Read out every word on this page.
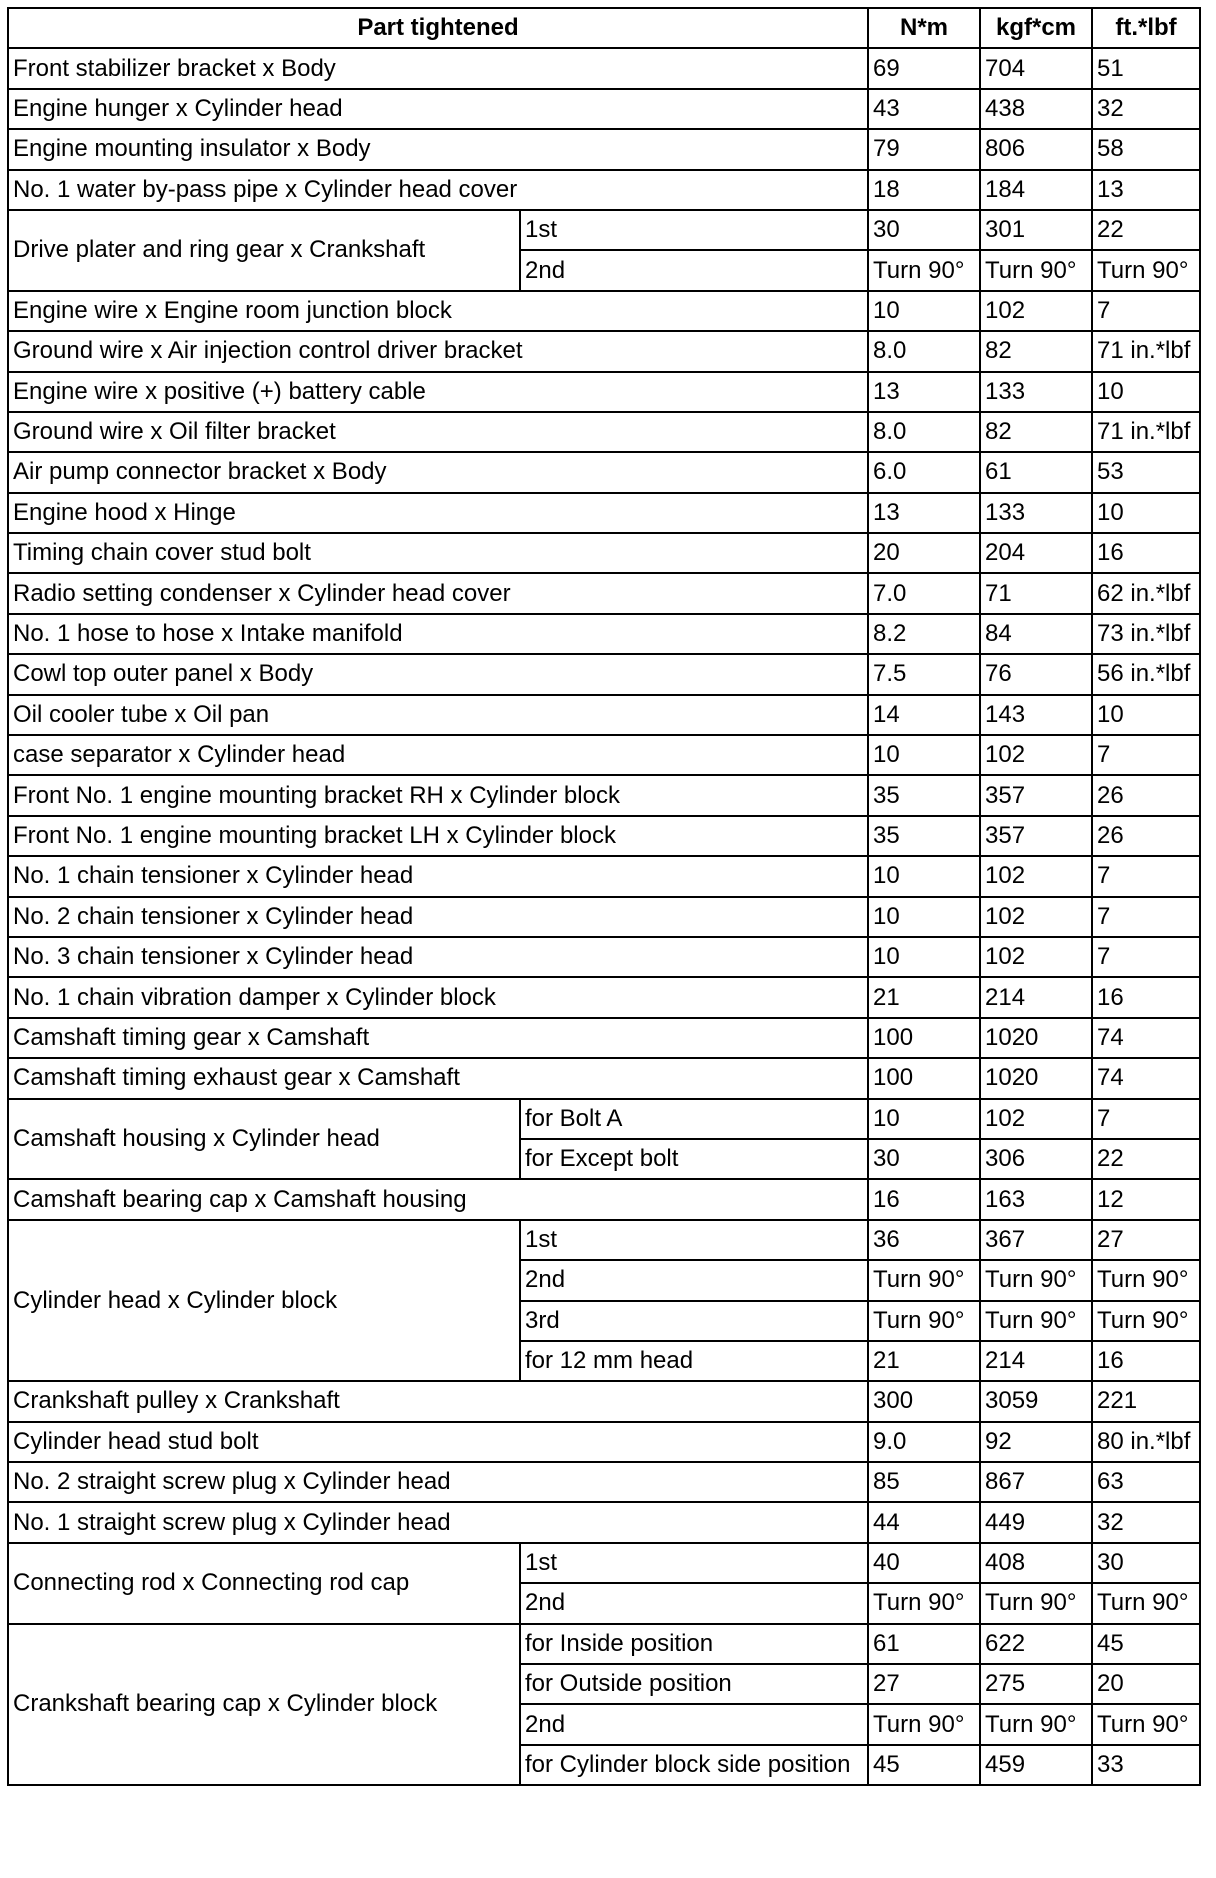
Part tightened		N*m	kgf*cm	ft.*lbf
Front stabilizer bracket x Body		69	704	51
Engine hunger x Cylinder head		43	438	32
Engine mounting insulator x Body		79	806	58
No. 1 water by-pass pipe x Cylinder head cover		18	184	13
Drive plater and ring gear x Crankshaft	1st	30	301	22
	2nd	Turn 90°	Turn 90°	Turn 90°
Engine wire x Engine room junction block		10	102	7
Ground wire x Air injection control driver bracket		8.0	82	71 in.*lbf
Engine wire x positive (+) battery cable		13	133	10
Ground wire x Oil filter bracket		8.0	82	71 in.*lbf
Air pump connector bracket x Body		6.0	61	53
Engine hood x Hinge		13	133	10
Timing chain cover stud bolt		20	204	16
Radio setting condenser x Cylinder head cover		7.0	71	62 in.*lbf
No. 1 hose to hose x Intake manifold		8.2	84	73 in.*lbf
Cowl top outer panel x Body		7.5	76	56 in.*lbf
Oil cooler tube x Oil pan		14	143	10
case separator x Cylinder head		10	102	7
Front No. 1 engine mounting bracket RH x Cylinder block		35	357	26
Front No. 1 engine mounting bracket LH x Cylinder block		35	357	26
No. 1 chain tensioner x Cylinder head		10	102	7
No. 2 chain tensioner x Cylinder head		10	102	7
No. 3 chain tensioner x Cylinder head		10	102	7
No. 1 chain vibration damper x Cylinder block		21	214	16
Camshaft timing gear x Camshaft		100	1020	74
Camshaft timing exhaust gear x Camshaft		100	1020	74
Camshaft housing x Cylinder head	for Bolt A	10	102	7
	for Except bolt	30	306	22
Camshaft bearing cap x Camshaft housing		16	163	12
Cylinder head x Cylinder block	1st	36	367	27
	2nd	Turn 90°	Turn 90°	Turn 90°
	3rd	Turn 90°	Turn 90°	Turn 90°
	for 12 mm head	21	214	16
Crankshaft pulley x Crankshaft		300	3059	221
Cylinder head stud bolt		9.0	92	80 in.*lbf
No. 2 straight screw plug x Cylinder head		85	867	63
No. 1 straight screw plug x Cylinder head		44	449	32
Connecting rod x Connecting rod cap	1st	40	408	30
	2nd	Turn 90°	Turn 90°	Turn 90°
Crankshaft bearing cap x Cylinder block	for Inside position	61	622	45
	for Outside position	27	275	20
	2nd	Turn 90°	Turn 90°	Turn 90°
	for Cylinder block side position	45	459	33
